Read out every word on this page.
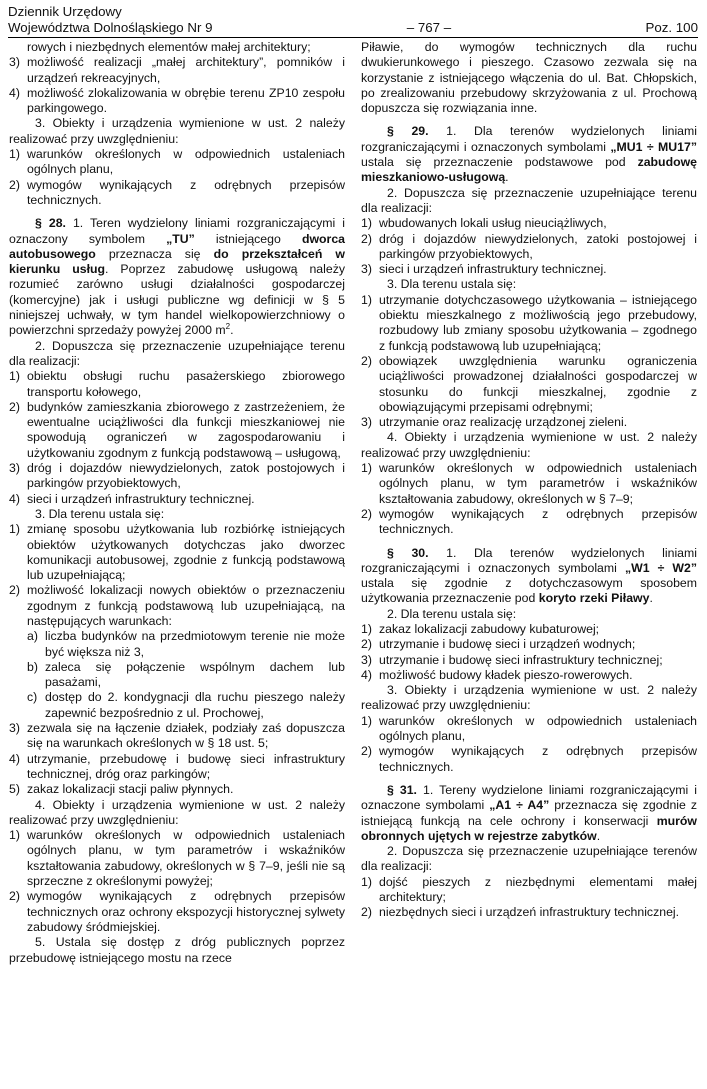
Dziennik Urzędowy
Województwa Dolnośląskiego Nr 9	– 767 –	Poz. 100

rowych i niezbędnych elementów małej architektury;

3) możliwość realizacji „małej architektury”, pomników i urządzeń rekreacyjnych,

4) możliwość zlokalizowania w obrębie terenu ZP10 zespołu parkingowego.

3. Obiekty i urządzenia wymienione w ust. 2 należy realizować przy uwzględnieniu:

1) warunków określonych w odpowiednich ustaleniach ogólnych planu,

2) wymogów wynikających z odrębnych przepisów technicznych.

§ 28. 1. Teren wydzielony liniami rozgraniczającymi i oznaczony symbolem „TU” istniejącego dworca autobusowego przeznacza się do przekształceń w kierunku usług. Poprzez zabudowę usługową należy rozumieć zarówno usługi działalności gospodarczej (komercyjne) jak i usługi publiczne wg definicji w § 5 niniejszej uchwały, w tym handel wielkopowierzchniowy o powierzchni sprzedaży powyżej 2000 $m^2$.

2. Dopuszcza się przeznaczenie uzupełniające terenu dla realizacji:

1) obiektu obsługi ruchu pasażerskiego zbiorowego transportu kołowego,

2) budynków zamieszkania zbiorowego z zastrzeżeniem, że ewentualne uciążliwości dla funkcji mieszkaniowej nie spowodują ograniczeń w zagospodarowaniu i użytkowaniu zgodnym z funkcją podstawową – usługową,

3) dróg i dojazdów niewydzielonych, zatok postojowych i parkingów przyobiektowych,

4) sieci i urządzeń infrastruktury technicznej.

3. Dla terenu ustala się:

1) zmianę sposobu użytkowania lub rozbiórkę istniejących obiektów użytkowanych dotychczas jako dworzec komunikacji autobusowej, zgodnie z funkcją podstawową lub uzupełniającą;

2) możliwość lokalizacji nowych obiektów o przeznaczeniu zgodnym z funkcją podstawową lub uzupełniającą, na następujących warunkach:

a) liczba budynków na przedmiotowym terenie nie może być większa niż 3,

b) zaleca się połączenie wspólnym dachem lub pasażami,

c) dostęp do 2. kondygnacji dla ruchu pieszego należy zapewnić bezpośrednio z ul. Prochowej,

3) zezwala się na łączenie działek, podziały zaś dopuszcza się na warunkach określonych w § 18 ust. 5;

4) utrzymanie, przebudowę i budowę sieci infrastruktury technicznej, dróg oraz parkingów;

5) zakaz lokalizacji stacji paliw płynnych.

4. Obiekty i urządzenia wymienione w ust. 2 należy realizować przy uwzględnieniu:

1) warunków określonych w odpowiednich ustaleniach ogólnych planu, w tym parametrów i wskaźników kształtowania zabudowy, określonych w § 7–9, jeśli nie są sprzeczne z określonymi powyżej;

2) wymogów wynikających z odrębnych przepisów technicznych oraz ochrony ekspozycji historycznej sylwety zabudowy śródmiejskiej.

5. Ustala się dostęp z dróg publicznych poprzez przebudowę istniejącego mostu na rzece

Piławie, do wymogów technicznych dla ruchu dwukierunkowego i pieszego. Czasowo zezwala się na korzystanie z istniejącego włączenia do ul. Bat. Chłopskich, po zrealizowaniu przebudowy skrzyżowania z ul. Prochową dopuszcza się rozwiązania inne.

§ 29. 1. Dla terenów wydzielonych liniami rozgraniczającymi i oznaczonych symbolami „MU1 ÷ MU17” ustala się przeznaczenie podstawowe pod zabudowę mieszkaniowo-usługową.

2. Dopuszcza się przeznaczenie uzupełniające terenu dla realizacji:

1) wbudowanych lokali usług nieuciążliwych,

2) dróg i dojazdów niewydzielonych, zatoki postojowej i parkingów przyobiektowych,

3) sieci i urządzeń infrastruktury technicznej.

3. Dla terenu ustala się:

1) utrzymanie dotychczasowego użytkowania – istniejącego obiektu mieszkalnego z możliwością jego przebudowy, rozbudowy lub zmiany sposobu użytkowania – zgodnego z funkcją podstawową lub uzupełniającą;

2) obowiązek uwzględnienia warunku ograniczenia uciążliwości prowadzonej działalności gospodarczej w stosunku do funkcji mieszkalnej, zgodnie z obowiązującymi przepisami odrębnymi;

3) utrzymanie oraz realizację urządzonej zieleni.

4. Obiekty i urządzenia wymienione w ust. 2 należy realizować przy uwzględnieniu:

1) warunków określonych w odpowiednich ustaleniach ogólnych planu, w tym parametrów i wskaźników kształtowania zabudowy, określonych w § 7–9;

2) wymogów wynikających z odrębnych przepisów technicznych.

§ 30. 1. Dla terenów wydzielonych liniami rozgraniczającymi i oznaczonych symbolami „W1 ÷ W2” ustala się zgodnie z dotychczasowym sposobem użytkowania przeznaczenie pod koryto rzeki Piławy.

2. Dla terenu ustala się:

1) zakaz lokalizacji zabudowy kubaturowej;

2) utrzymanie i budowę sieci i urządzeń wodnych;

3) utrzymanie i budowę sieci infrastruktury technicznej;

4) możliwość budowy kładek pieszo-rowerowych.

3. Obiekty i urządzenia wymienione w ust. 2 należy realizować przy uwzględnieniu:

1) warunków określonych w odpowiednich ustaleniach ogólnych planu,

2) wymogów wynikających z odrębnych przepisów technicznych.

§ 31. 1. Tereny wydzielone liniami rozgraniczającymi i oznaczone symbolami „A1 ÷ A4” przeznacza się zgodnie z istniejącą funkcją na cele ochrony i konserwacji murów obronnych ujętych w rejestrze zabytków.

2. Dopuszcza się przeznaczenie uzupełniające terenów dla realizacji:

1) dojść pieszych z niezbędnymi elementami małej architektury;

2) niezbędnych sieci i urządzeń infrastruktury technicznej.
